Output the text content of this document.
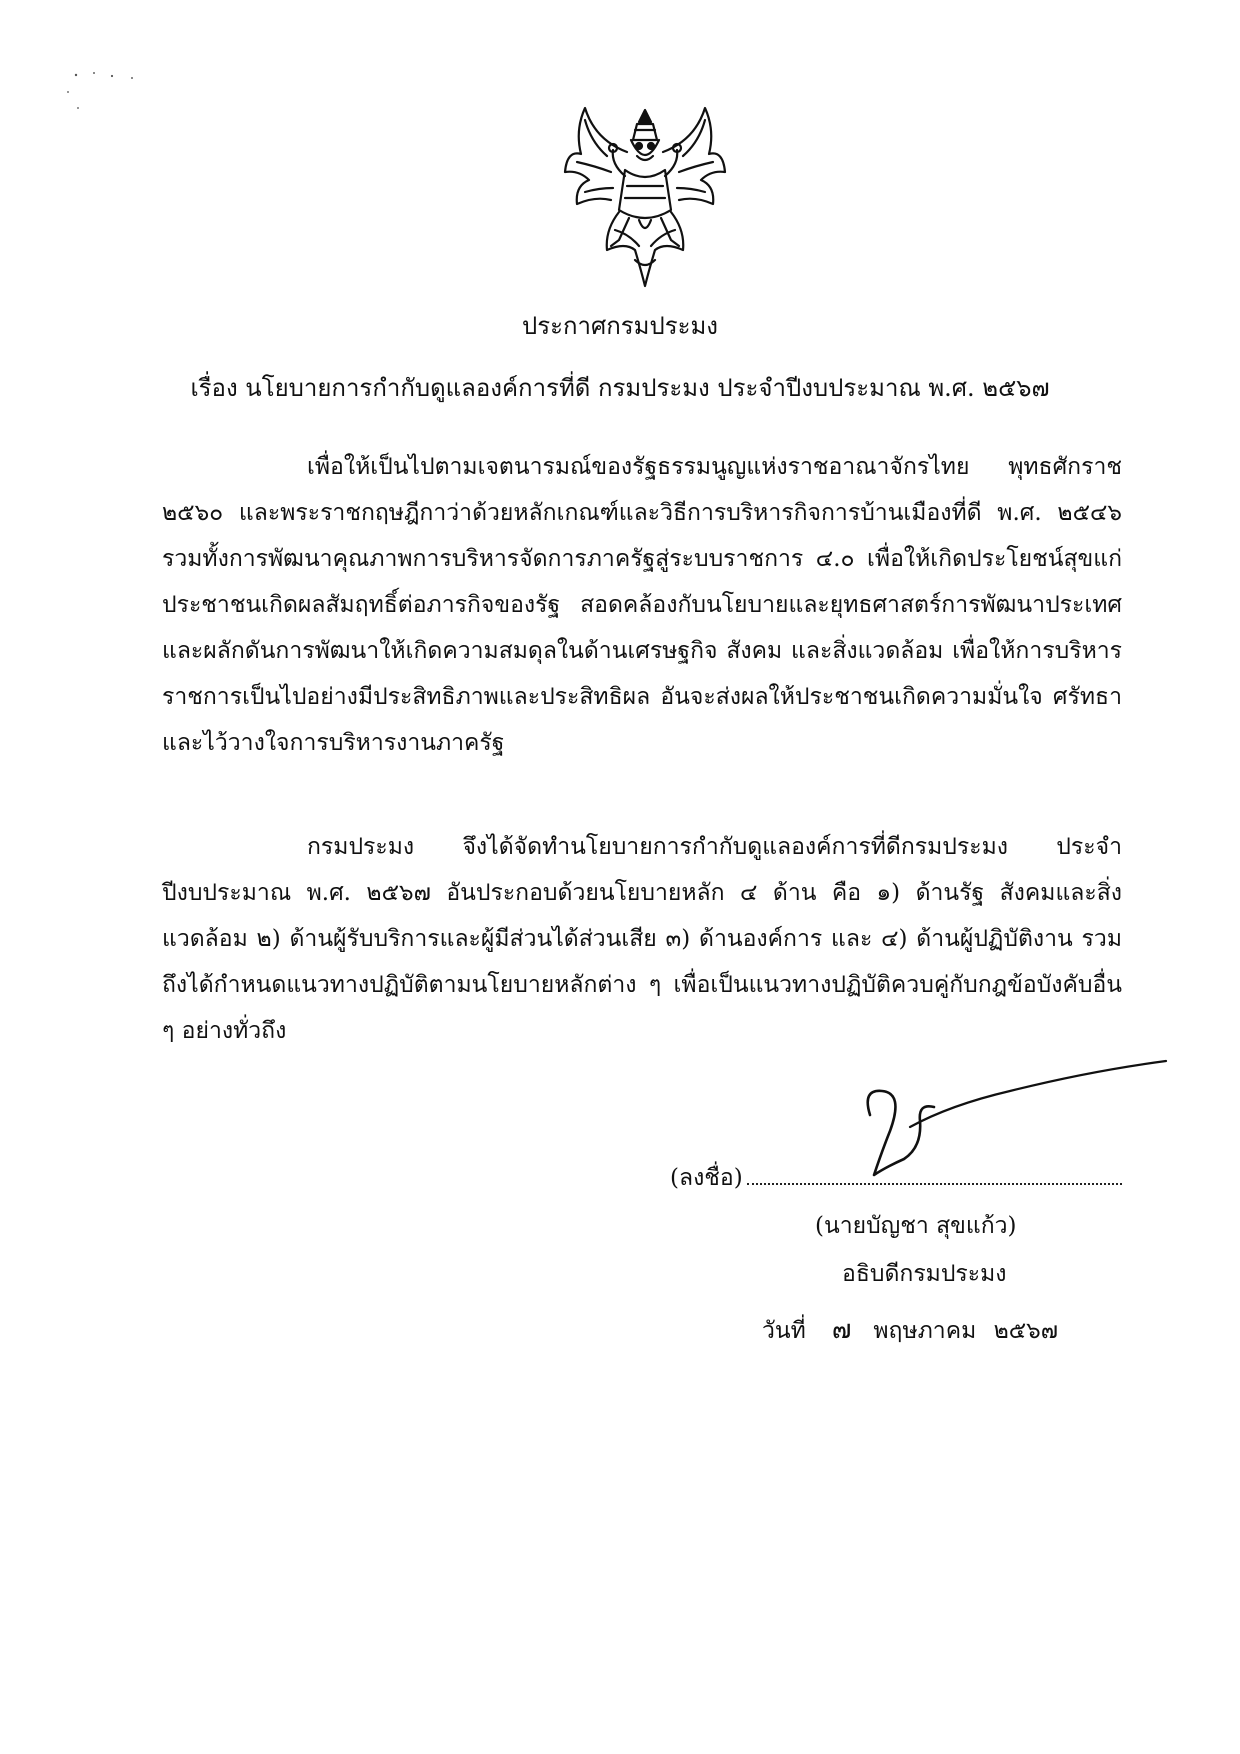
ประกาศกรมประมง
เรื่อง นโยบายการกำกับดูแลองค์การที่ดี กรมประมง ประจำปีงบประมาณ พ.ศ. ๒๕๖๗

เพื่อให้เป็นไปตามเจตนารมณ์ของรัฐธรรมนูญแห่งราชอาณาจักรไทย พุทธศักราช ๒๕๖๐ และพระราชกฤษฎีกาว่าด้วยหลักเกณฑ์และวิธีการบริหารกิจการบ้านเมืองที่ดี พ.ศ. ๒๕๔๖ รวมทั้งการพัฒนาคุณภาพการบริหารจัดการภาครัฐสู่ระบบราชการ ๔.๐ เพื่อให้เกิดประโยชน์สุขแก่ประชาชนเกิดผลสัมฤทธิ์ต่อภารกิจของรัฐ สอดคล้องกับนโยบายและยุทธศาสตร์การพัฒนาประเทศ และผลักดันการพัฒนาให้เกิดความสมดุลในด้านเศรษฐกิจ สังคม และสิ่งแวดล้อม เพื่อให้การบริหารราชการเป็นไปอย่างมีประสิทธิภาพและประสิทธิผล อันจะส่งผลให้ประชาชนเกิดความมั่นใจ ศรัทธา และไว้วางใจการบริหารงานภาครัฐ

กรมประมง จึงได้จัดทำนโยบายการกำกับดูแลองค์การที่ดีกรมประมง ประจำปีงบประมาณ พ.ศ. ๒๕๖๗ อันประกอบด้วยนโยบายหลัก ๔ ด้าน คือ ๑) ด้านรัฐ สังคมและสิ่งแวดล้อม ๒) ด้านผู้รับบริการและผู้มีส่วนได้ส่วนเสีย ๓) ด้านองค์การ และ ๔) ด้านผู้ปฏิบัติงาน รวมถึงได้กำหนดแนวทางปฏิบัติตามนโยบายหลักต่าง ๆ เพื่อเป็นแนวทางปฏิบัติควบคู่กับกฎข้อบังคับอื่น ๆ อย่างทั่วถึง

(ลงชื่อ)
(นายบัญชา สุขแก้ว)
อธิบดีกรมประมง
วันที่ ๗ พฤษภาคม ๒๕๖๗
